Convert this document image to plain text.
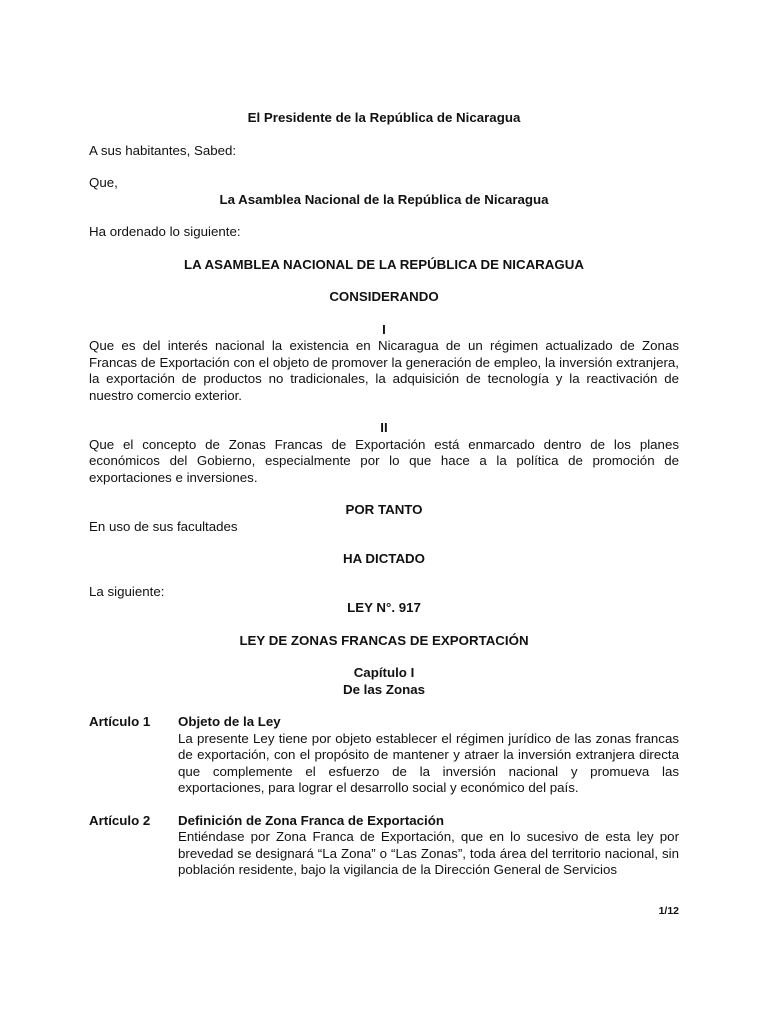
El Presidente de la República de Nicaragua

A sus habitantes, Sabed:

Que,

La Asamblea Nacional de la República de Nicaragua

Ha ordenado lo siguiente:

LA ASAMBLEA NACIONAL DE LA REPÚBLICA DE NICARAGUA

CONSIDERANDO

I

Que es del interés nacional la existencia en Nicaragua de un régimen actualizado de Zonas Francas de Exportación con el objeto de promover la generación de empleo, la inversión extranjera, la exportación de productos no tradicionales, la adquisición de tecnología y la reactivación de nuestro comercio exterior.

II

Que el concepto de Zonas Francas de Exportación está enmarcado dentro de los planes económicos del Gobierno, especialmente por lo que hace a la política de promoción de exportaciones e inversiones.

POR TANTO

En uso de sus facultades

HA DICTADO

La siguiente:

LEY N°. 917

LEY DE ZONAS FRANCAS DE EXPORTACIÓN

Capítulo I

De las Zonas

Artículo 1	Objeto de la Ley

La presente Ley tiene por objeto establecer el régimen jurídico de las zonas francas de exportación, con el propósito de mantener y atraer la inversión extranjera directa que complemente el esfuerzo de la inversión nacional y promueva las exportaciones, para lograr el desarrollo social y económico del país.

Artículo 2	Definición de Zona Franca de Exportación

Entiéndase por Zona Franca de Exportación, que en lo sucesivo de esta ley por brevedad se designará “La Zona” o “Las Zonas”, toda área del territorio nacional, sin población residente, bajo la vigilancia de la Dirección General de Servicios

1/12
